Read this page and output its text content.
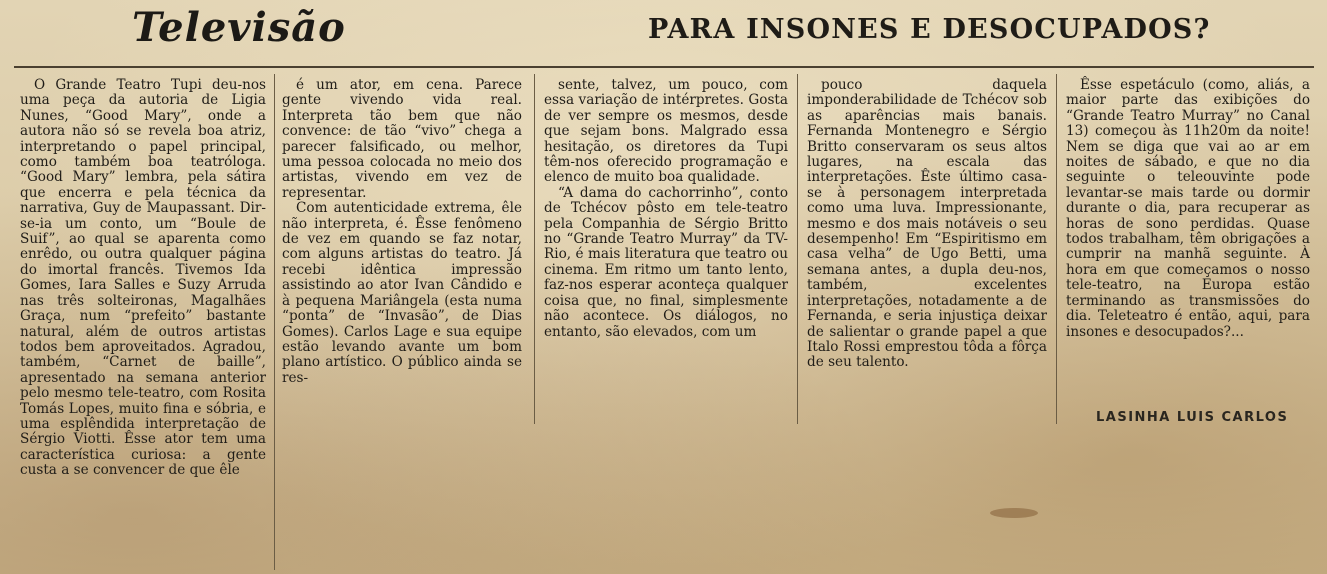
Televisão	PARA INSONES E DESOCUPADOS?

O Grande Teatro Tupi deu-nos uma peça da autoria de Ligia Nunes, “Good Mary”, onde a autora não só se revela boa atriz, interpretando o papel principal, como também boa teatróloga. “Good Mary” lembra, pela sátira que encerra e pela técnica da narrativa, Guy de Maupassant. Dir-se-ia um conto, um “Boule de Suif”, ao qual se aparenta como enrêdo, ou outra qualquer página do imortal francês. Tivemos Ida Gomes, Iara Salles e Suzy Arruda nas três solteironas, Magalhães Graça, num “prefeito” bastante natural, além de outros artistas todos bem aproveitados. Agradou, também, “Carnet de baille”, apresentado na semana anterior pelo mesmo tele-teatro, com Rosita Tomás Lopes, muito fina e sóbria, e uma esplêndida interpretação de Sérgio Viotti. Êsse ator tem uma característica curiosa: a gente custa a se convencer de que êle

é um ator, em cena. Parece gente vivendo vida real. Interpreta tão bem que não convence: de tão “vivo” chega a parecer falsificado, ou melhor, uma pessoa colocada no meio dos artistas, vivendo em vez de representar.

Com autenticidade extrema, êle não interpreta, é. Êsse fenômeno de vez em quando se faz notar, com alguns artistas do teatro. Já recebi idêntica impressão assistindo ao ator Ivan Cândido e à pequena Mariângela (esta numa “ponta” de “Invasão”, de Dias Gomes). Carlos Lage e sua equipe estão levando avante um bom plano artístico. O público ainda se res-

sente, talvez, um pouco, com essa variação de intérpretes. Gosta de ver sempre os mesmos, desde que sejam bons. Malgrado essa hesitação, os diretores da Tupi têm-nos oferecido programação e elenco de muito boa qualidade.

“A dama do cachorrinho”, conto de Tchécov pôsto em tele-teatro pela Companhia de Sérgio Britto no “Grande Teatro Murray” da TV-Rio, é mais literatura que teatro ou cinema. Em ritmo um tanto lento, faz-nos esperar aconteça qualquer coisa que, no final, simplesmente não acontece. Os diálogos, no entanto, são elevados, com um

pouco daquela imponderabilidade de Tchécov sob as aparências mais banais. Fernanda Montenegro e Sérgio Britto conservaram os seus altos lugares, na escala das interpretações. Êste último casa-se à personagem interpretada como uma luva. Impressionante, mesmo e dos mais notáveis o seu desempenho! Em “Espiritismo em casa velha” de Ugo Betti, uma semana antes, a dupla deu-nos, também, excelentes interpretações, notadamente a de Fernanda, e seria injustiça deixar de salientar o grande papel a que Italo Rossi emprestou tôda a fôrça de seu talento.

Êsse espetáculo (como, aliás, a maior parte das exibições do “Grande Teatro Murray” no Canal 13) começou às 11h20m da noite! Nem se diga que vai ao ar em noites de sábado, e que no dia seguinte o teleouvinte pode levantar-se mais tarde ou dormir durante o dia, para recuperar as horas de sono perdidas. Quase todos trabalham, têm obrigações a cumprir na manhã seguinte. À hora em que começamos o nosso tele-teatro, na Europa estão terminando as transmissões do dia. Teleteatro é então, aqui, para insones e desocupados?...

LASINHA LUIS CARLOS
